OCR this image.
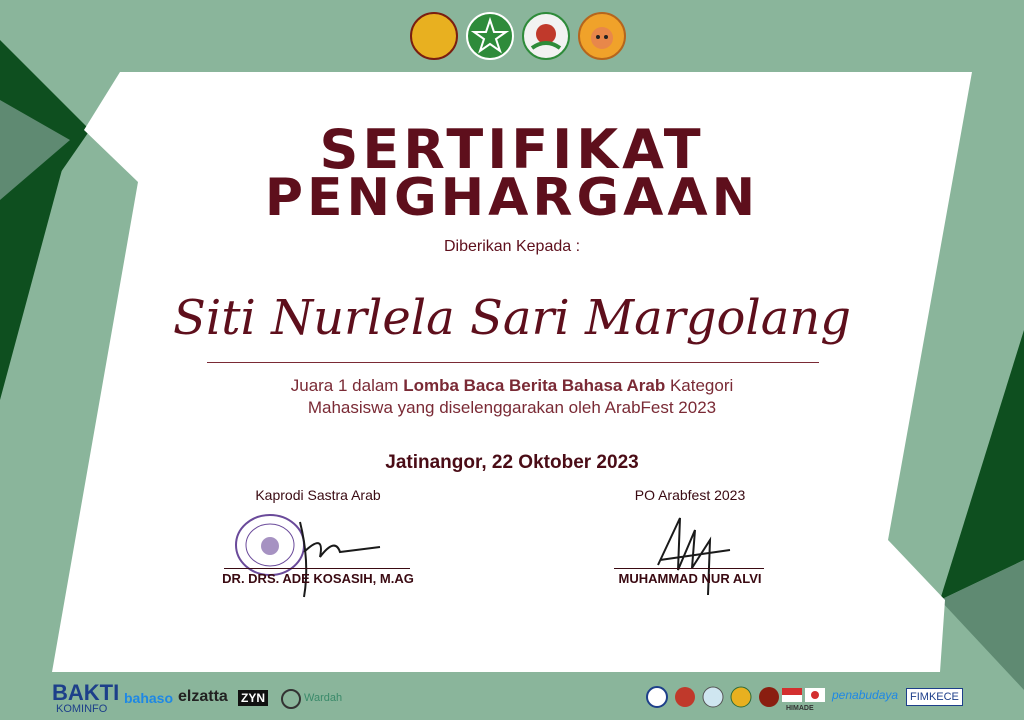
SERTIFIKAT
PENGHARGAAN
Diberikan Kepada :
Siti Nurlela Sari Margolang
Juara 1 dalam Lomba Baca Berita Bahasa Arab Kategori
Mahasiswa yang diselenggarakan oleh ArabFest 2023
Jatinangor, 22 Oktober 2023
Kaprodi Sastra Arab
DR. DRS. ADE KOSASIH, M.AG
PO Arabfest 2023
MUHAMMAD NUR ALVI
BAKTI
KOMINFO
bahaso elzatta ZYN	Wardah
HIMADE
penabudaya	FIMKECE
